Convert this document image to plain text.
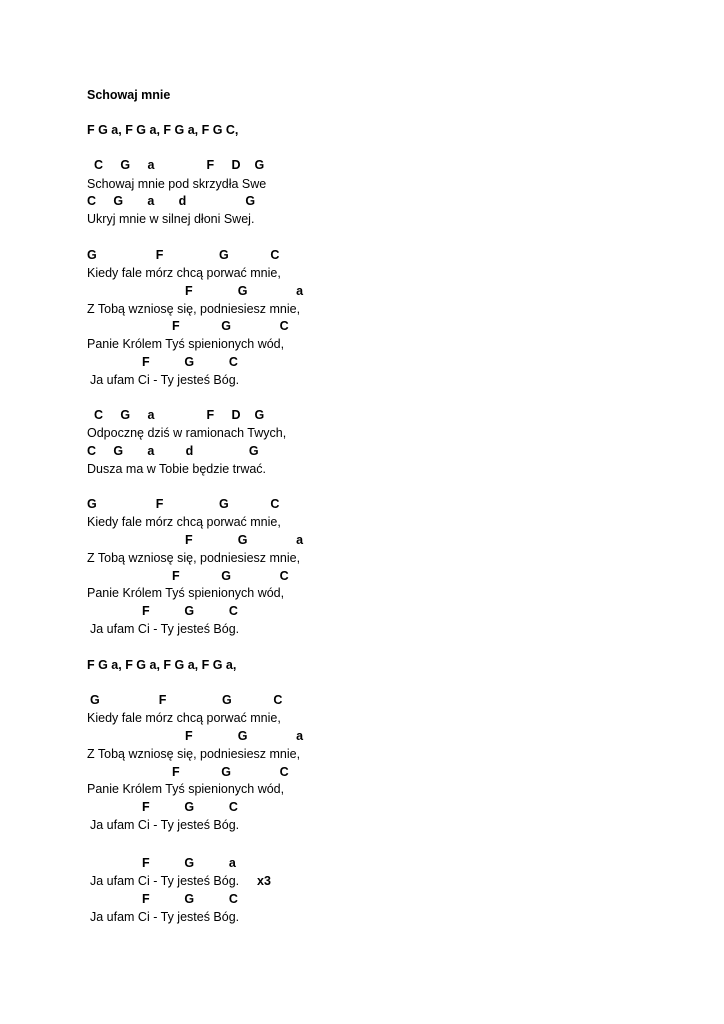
Schowaj mnie
F G a, F G a, F G a, F G C,
C     G     a               F     D    G
Schowaj mnie pod skrzydła Swe
C     G       a       d                 G
Ukryj mnie w silnej dłoni Swej.
G                 F                G            C
Kiedy fale mórz chcą porwać mnie,
F             G              a
Z Tobą wzniosę się, podniesiesz mnie,
F            G              C
Panie Królem Tyś spienionych wód,
F          G          C
Ja ufam Ci - Ty jesteś Bóg.
C     G     a               F     D    G
Odpocznę dziś w ramionach Twych,
C     G       a         d                G
Dusza ma w Tobie będzie trwać.
G                 F                G            C
Kiedy fale mórz chcą porwać mnie,
F             G              a
Z Tobą wzniosę się, podniesiesz mnie,
F            G              C
Panie Królem Tyś spienionych wód,
F          G          C
Ja ufam Ci - Ty jesteś Bóg.
F G a, F G a, F G a, F G a,
G                 F                G            C
Kiedy fale mórz chcą porwać mnie,
F             G              a
Z Tobą wzniosę się, podniesiesz mnie,
F            G              C
Panie Królem Tyś spienionych wód,
F          G          C
Ja ufam Ci - Ty jesteś Bóg.
F          G          a
Ja ufam Ci - Ty jesteś Bóg. x3
F          G          C
Ja ufam Ci - Ty jesteś Bóg.
